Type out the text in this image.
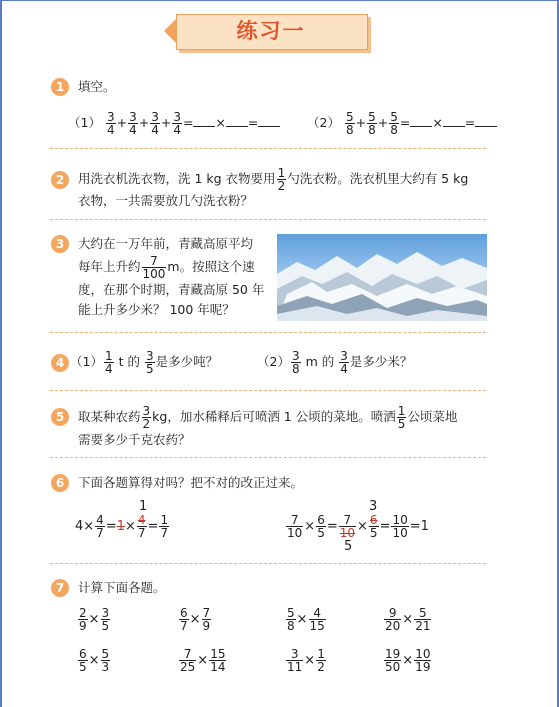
练习一
1	填空。
$(1) \frac{3}{4} + \frac{3}{4} + \frac{3}{4} + \frac{3}{4}$ = × =	$(2) \frac{5}{8} + \frac{5}{8} + \frac{5}{8}$ = × =
2	用洗衣机洗衣物，洗 1 kg 衣物要用 $\frac{1}{2}$ 勺洗衣粉。洗衣机里大约有 5 kg
衣物，一共需要放几勺洗衣粉？
3	大约在一万年前，青藏高原平均
每年上升约 $\frac{7}{100}$ m。按照这个速
度，在那个时期，青藏高原 50 年
能上升多少米？ 100 年呢？
4 $(1) \frac{1}{4}$ t 的 $\frac{3}{5}$ 是多少吨？	$(2) \frac{3}{8}$ m 的 $\frac{3}{4}$ 是多少米？
5	取某种农药 $\frac{3}{2}$ kg，加水稀释后可喷洒 1 公顷的菜地。喷洒 $\frac{1}{5}$ 公顷菜地
需要多少千克农药？
6	下面各题算得对吗？把不对的改正过来。
$4\times \frac{4}{7} =1\times \frac{4}{7} = \frac{1}{7}$
1
$\frac{7}{10} \times \frac{6}{5} = \frac{7}{10} \times \frac{6}{5} = \frac{10}{10} =1$
3
5
7	计算下面各题。
$\frac{2}{9} \times \frac{3}{5}$	$\frac{6}{7} \times \frac{7}{9}$	$\frac{5}{8} \times \frac{4}{15}$	$\frac{9}{20} \times \frac{5}{21}$
$\frac{6}{5} \times \frac{5}{3}$	$\frac{7}{25} \times \frac{15}{14}$	$\frac{3}{11} \times \frac{1}{2}$	$\frac{19}{50} \times \frac{10}{19}$
